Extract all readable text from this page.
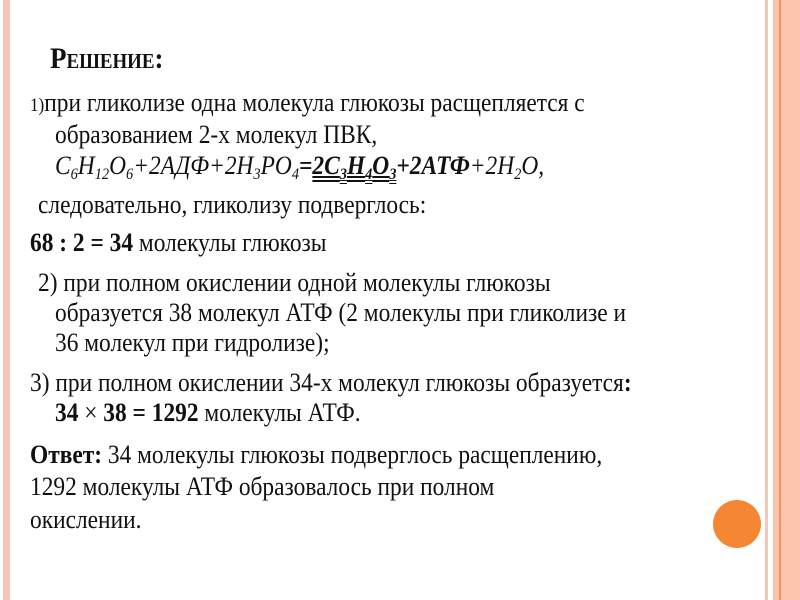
Решение:
1)при гликолизе одна молекула глюкозы расщепляется с
образованием 2-х молекул ПВК,
$C_6H_{12}O_6+2АДФ+2H_3PO_4=2C_3H_4O_3+2АТФ+2H_2O$,
следовательно, гликолизу подверглось:
68 : 2 = 34 молекулы глюкозы
2) при полном окислении одной молекулы глюкозы
образуется 38 молекул АТФ (2 молекулы при гликолизе и
36 молекул при гидролизе);
3) при полном окислении 34-х молекул глюкозы образуется:
34 × 38 = 1292 молекулы АТФ.
Ответ: 34 молекулы глюкозы подверглось расщеплению,
1292 молекулы АТФ образовалось при полном
окислении.
